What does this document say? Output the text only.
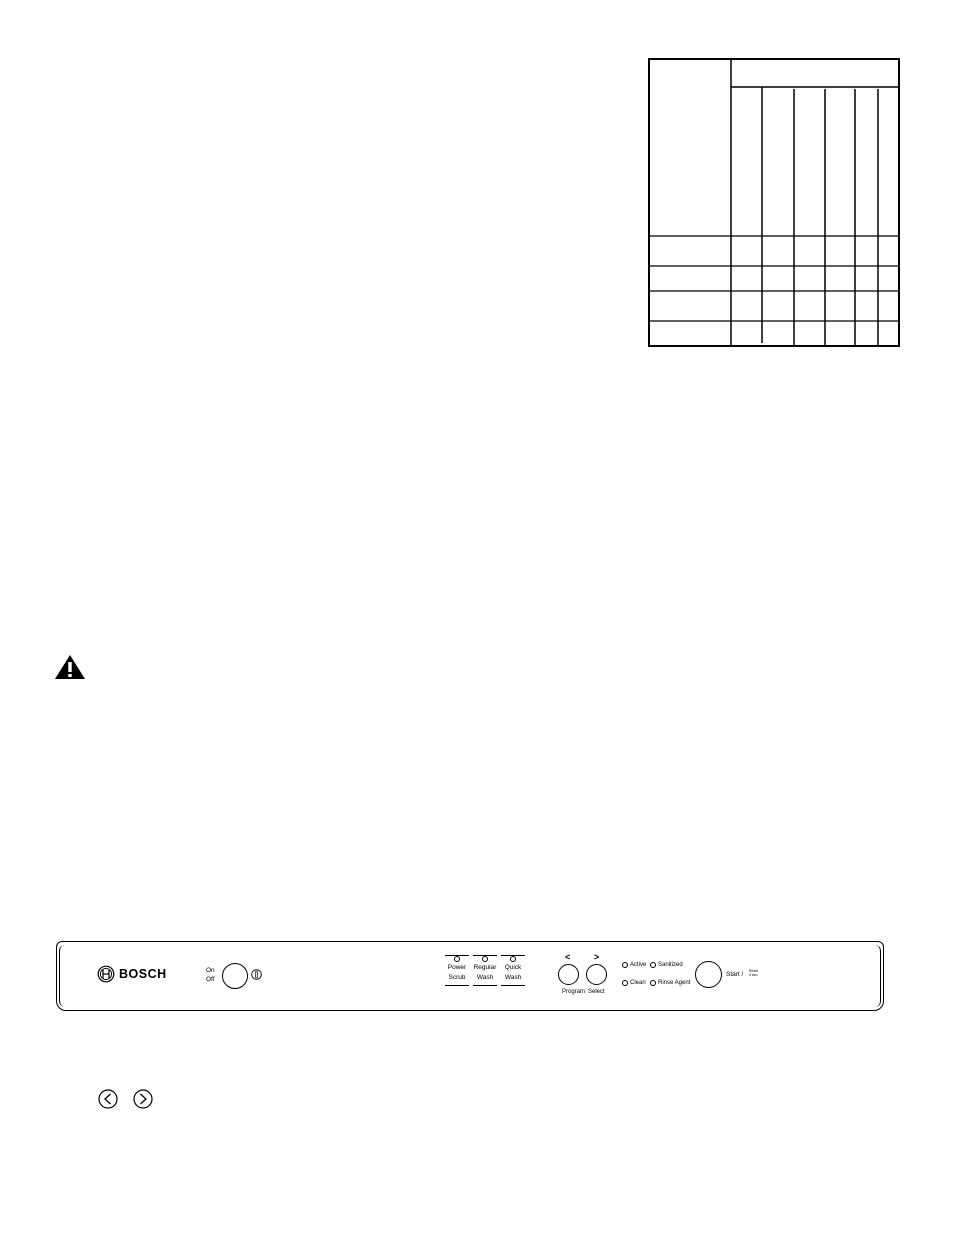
BOSCH	On
Off
Power
Scrub
Regular
Wash
Quick
Wash
<	>
Program Select
Active Sanitized
Clean Rinse Agent
Start / Reset
3 sec.
